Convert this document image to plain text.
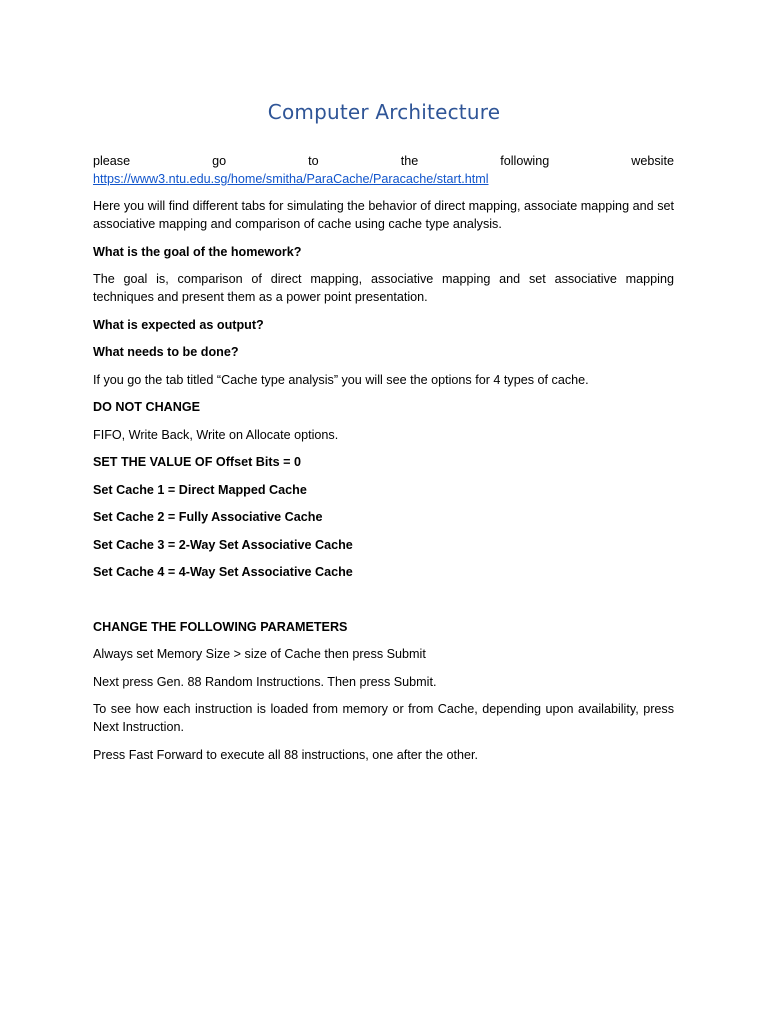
Computer Architecture
please	go	to	the	following	website
https://www3.ntu.edu.sg/home/smitha/ParaCache/Paracache/start.html

Here you will find different tabs for simulating the behavior of direct mapping, associate mapping and set associative mapping and comparison of cache using cache type analysis.

What is the goal of the homework?

The goal is, comparison of direct mapping, associative mapping and set associative mapping techniques and present them as a power point presentation.

What is expected as output?

What needs to be done?

If you go the tab titled “Cache type analysis” you will see the options for 4 types of cache.

DO NOT CHANGE

FIFO, Write Back, Write on Allocate options.

SET THE VALUE OF Offset Bits = 0

Set Cache 1 = Direct Mapped Cache

Set Cache 2 = Fully Associative Cache

Set Cache 3 = 2-Way Set Associative Cache

Set Cache 4 = 4-Way Set Associative Cache

CHANGE THE FOLLOWING PARAMETERS

Always set Memory Size > size of Cache then press Submit

Next press Gen. 88 Random Instructions. Then press Submit.

To see how each instruction is loaded from memory or from Cache, depending upon availability, press Next Instruction.

Press Fast Forward to execute all 88 instructions, one after the other.
